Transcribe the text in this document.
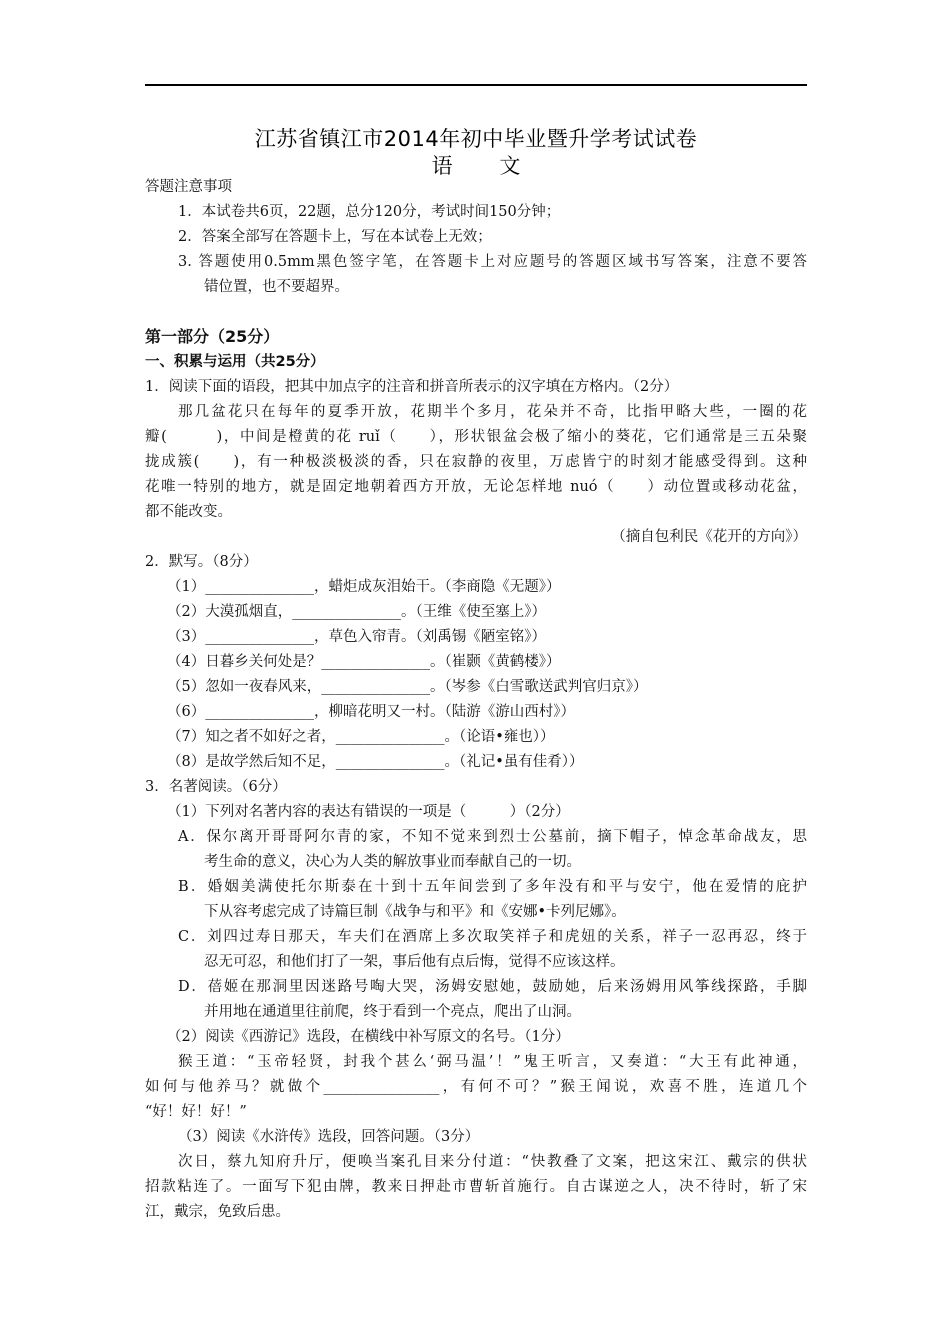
江苏省镇江市2014年初中毕业暨升学考试试卷
语 文
答题注意事项
1．本试卷共6页，22题，总分120分，考试时间150分钟；
2．答案全部写在答题卡上，写在本试卷上无效；
3. 答题使用0.5mm黑色签字笔，在答题卡上对应题号的答题区域书写答案，注意不要答
错位置，也不要超界。
第一部分（25分）
一、积累与运用（共25分）
1．阅读下面的语段，把其中加点字的注音和拼音所表示的汉字填在方格内。（2分）
那几盆花只在每年的夏季开放，花期半个多月，花朵并不奇，比指甲略大些，一圈的花
瓣(　　　)，中间是橙黄的花 ruǐ（　　），形状银盆会极了缩小的葵花，它们通常是三五朵聚
拢成簇(　　)，有一种极淡极淡的香，只在寂静的夜里，万虑皆宁的时刻才能感受得到。这种
花唯一特别的地方，就是固定地朝着西方开放，无论怎样地 nuó（　　）动位置或移动花盆，
都不能改变。
（摘自包利民《花开的方向》）
2．默写。（8分）
（1）_______________，蜡炬成灰泪始干。（李商隐《无题》）
（2）大漠孤烟直，_______________。（王维《使至塞上》）
（3）_______________，草色入帘青。（刘禹锡《陋室铭》）
（4）日暮乡关何处是？_______________。（崔颢《黄鹤楼》）
（5）忽如一夜春风来，_______________。（岑参《白雪歌送武判官归京》）
（6）_______________，柳暗花明又一村。（陆游《游山西村》）
（7）知之者不如好之者，_______________。（论语•雍也））
（8）是故学然后知不足，_______________。（礼记•虽有佳肴））
3．名著阅读。（6分）
（1）下列对名著内容的表达有错误的一项是（　　　）（2分）
A．保尔离开哥哥阿尔青的家，不知不觉来到烈士公墓前，摘下帽子，悼念革命战友，思
考生命的意义，决心为人类的解放事业而奉献自己的一切。
B．婚姻美满使托尔斯泰在十到十五年间尝到了多年没有和平与安宁，他在爱情的庇护
下从容考虑完成了诗篇巨制《战争与和平》和《安娜•卡列尼娜》。
C．刘四过寿日那天，车夫们在酒席上多次取笑祥子和虎妞的关系，祥子一忍再忍，终于
忍无可忍，和他们打了一架，事后他有点后悔，觉得不应该这样。
D．蓓姬在那洞里因迷路号啕大哭，汤姆安慰她，鼓励她，后来汤姆用风筝线探路，手脚
并用地在通道里往前爬，终于看到一个亮点，爬出了山洞。
（2）阅读《西游记》选段，在横线中补写原文的名号。（1分）
猴王道：“玉帝轻贤，封我个甚么‘弼马温’！”鬼王听言，又奏道：“大王有此神通，
如何与他养马？就做个________________，有何不可？”猴王闻说，欢喜不胜，连道几个
“好！好！好！”
（3）阅读《水浒传》选段，回答问题。（3分）
次日，蔡九知府升厅，便唤当案孔目来分付道：“快教叠了文案，把这宋江、戴宗的供状
招款粘连了。一面写下犯由牌，教来日押赴市曹斩首施行。自古谋逆之人，决不待时，斩了宋
江，戴宗，免致后患。
